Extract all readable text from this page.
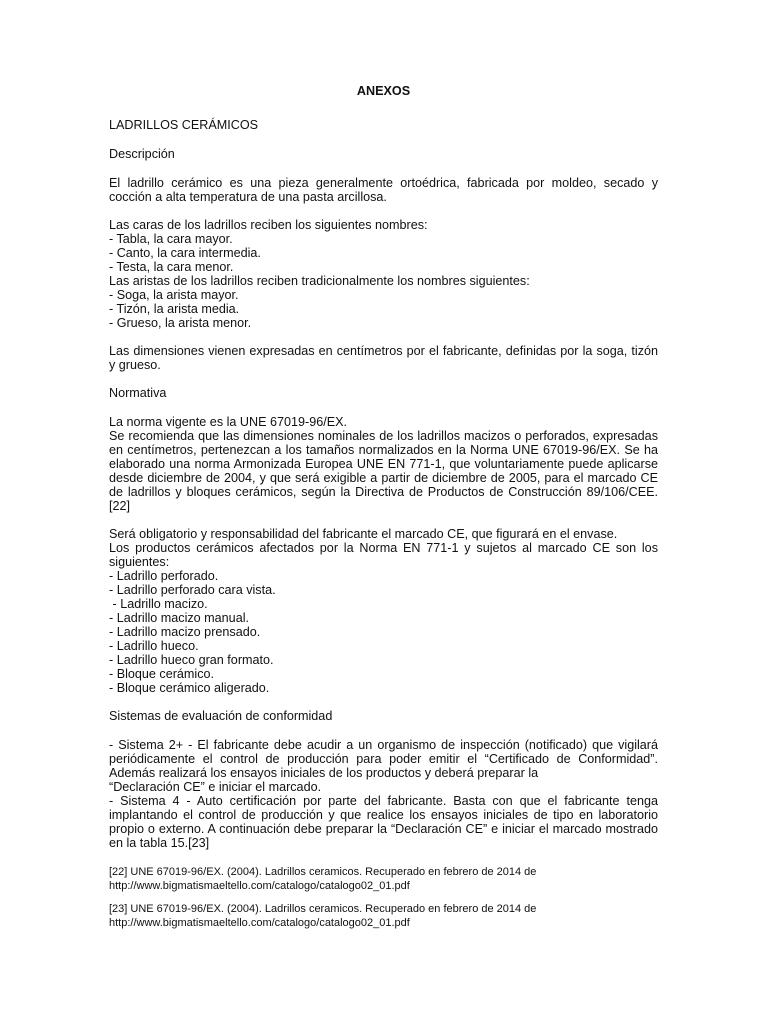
ANEXOS
LADRILLOS CERÁMICOS
Descripción

El ladrillo cerámico es una pieza generalmente ortoédrica, fabricada por moldeo, secado y cocción a alta temperatura de una pasta arcillosa.

Las caras de los ladrillos reciben los siguientes nombres:
- Tabla, la cara mayor.
- Canto, la cara intermedia.
- Testa, la cara menor.
Las aristas de los ladrillos reciben tradicionalmente los nombres siguientes:
- Soga, la arista mayor.
- Tizón, la arista media.
- Grueso, la arista menor.

Las dimensiones vienen expresadas en centímetros por el fabricante, definidas por la soga, tizón y grueso.

Normativa
La norma vigente es la UNE 67019-96/EX.
Se recomienda que las dimensiones nominales de los ladrillos macizos o perforados, expresadas en centímetros, pertenezcan a los tamaños normalizados en la Norma UNE 67019-96/EX. Se ha elaborado una norma Armonizada Europea UNE EN 771-1, que voluntariamente puede aplicarse desde diciembre de 2004, y que será exigible a partir de diciembre de 2005, para el marcado CE de ladrillos y bloques cerámicos, según la Directiva de Productos de Construcción 89/106/CEE. [22]
Será obligatorio y responsabilidad del fabricante el marcado CE, que figurará en el envase.
Los productos cerámicos afectados por la Norma EN 771-1 y sujetos al marcado CE son los siguientes:
- Ladrillo perforado.
- Ladrillo perforado cara vista.
- Ladrillo macizo.
- Ladrillo macizo manual.
- Ladrillo macizo prensado.
- Ladrillo hueco.
- Ladrillo hueco gran formato.
- Bloque cerámico.
- Bloque cerámico aligerado.
Sistemas de evaluación de conformidad
- Sistema 2+ - El fabricante debe acudir a un organismo de inspección (notificado) que vigilará periódicamente el control de producción para poder emitir el “Certificado de Conformidad”. Además realizará los ensayos iniciales de los productos y deberá preparar la
“Declaración CE” e iniciar el marcado.
- Sistema 4 - Auto certificación por parte del fabricante. Basta con que el fabricante tenga implantando el control de producción y que realice los ensayos iniciales de tipo en laboratorio propio o externo. A continuación debe preparar la “Declaración CE” e iniciar el marcado mostrado en la tabla 15.[23]
[22] UNE 67019-96/EX. (2004). Ladrillos ceramicos. Recuperado en febrero de 2014 de
http://www.bigmatismaeltello.com/catalogo/catalogo02_01.pdf
[23] UNE 67019-96/EX. (2004). Ladrillos ceramicos. Recuperado en febrero de 2014 de
http://www.bigmatismaeltello.com/catalogo/catalogo02_01.pdf
